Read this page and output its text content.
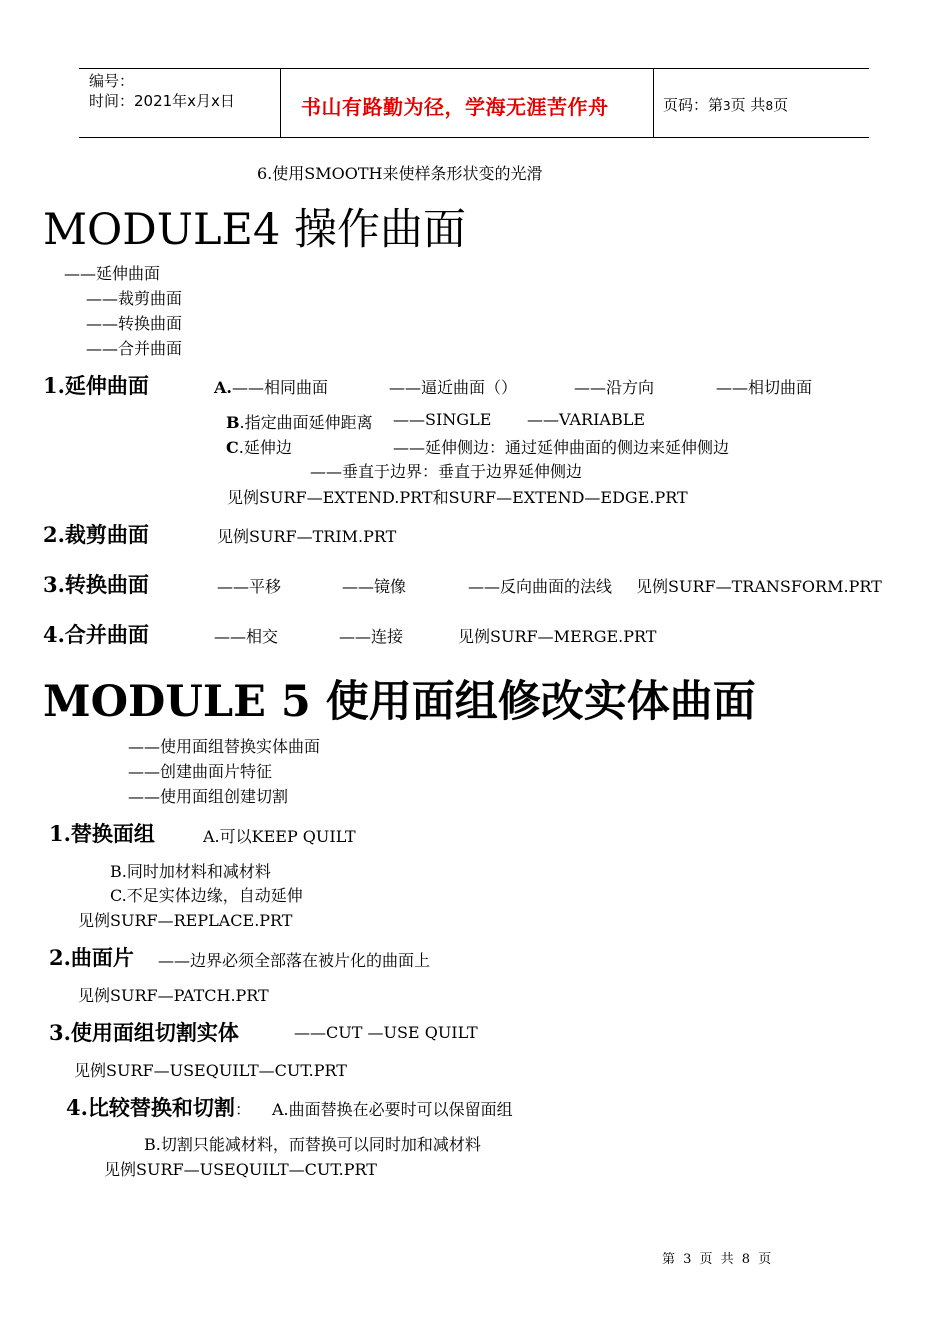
编号：
时间：2021年x月x日	书山有路勤为径，学海无涯苦作舟	页码：第3页 共8页
6.使用SMOOTH来使样条形状变的光滑
MODULE4 操作曲面
——延伸曲面
——裁剪曲面
——转换曲面
——合并曲面
1.延伸曲面	A.——相同曲面	——逼近曲面（）	——沿方向	——相切曲面
B.指定曲面延伸距离 ——SINGLE ——VARIABLE
C.延伸边	——延伸侧边：通过延伸曲面的侧边来延伸侧边
——垂直于边界：垂直于边界延伸侧边
见例SURF—EXTEND.PRT和SURF—EXTEND—EDGE.PRT
2.裁剪曲面	见例SURF—TRIM.PRT
3.转换曲面	——平移	——镜像	——反向曲面的法线 见例SURF—TRANSFORM.PRT
4.合并曲面	——相交	——连接	见例SURF—MERGE.PRT
MODULE 5 使用面组修改实体曲面
——使用面组替换实体曲面
——创建曲面片特征
——使用面组创建切割
1.替换面组	A.可以KEEP QUILT
B.同时加材料和减材料
C.不足实体边缘，自动延伸
见例SURF—REPLACE.PRT
2.曲面片 ——边界必须全部落在被片化的曲面上
见例SURF—PATCH.PRT
3.使用面组切割实体	——CUT —USE QUILT
见例SURF—USEQUILT—CUT.PRT
4.比较替换和切割： A.曲面替换在必要时可以保留面组
B.切割只能减材料，而替换可以同时加和减材料
见例SURF—USEQUILT—CUT.PRT
第 3 页 共 8 页
